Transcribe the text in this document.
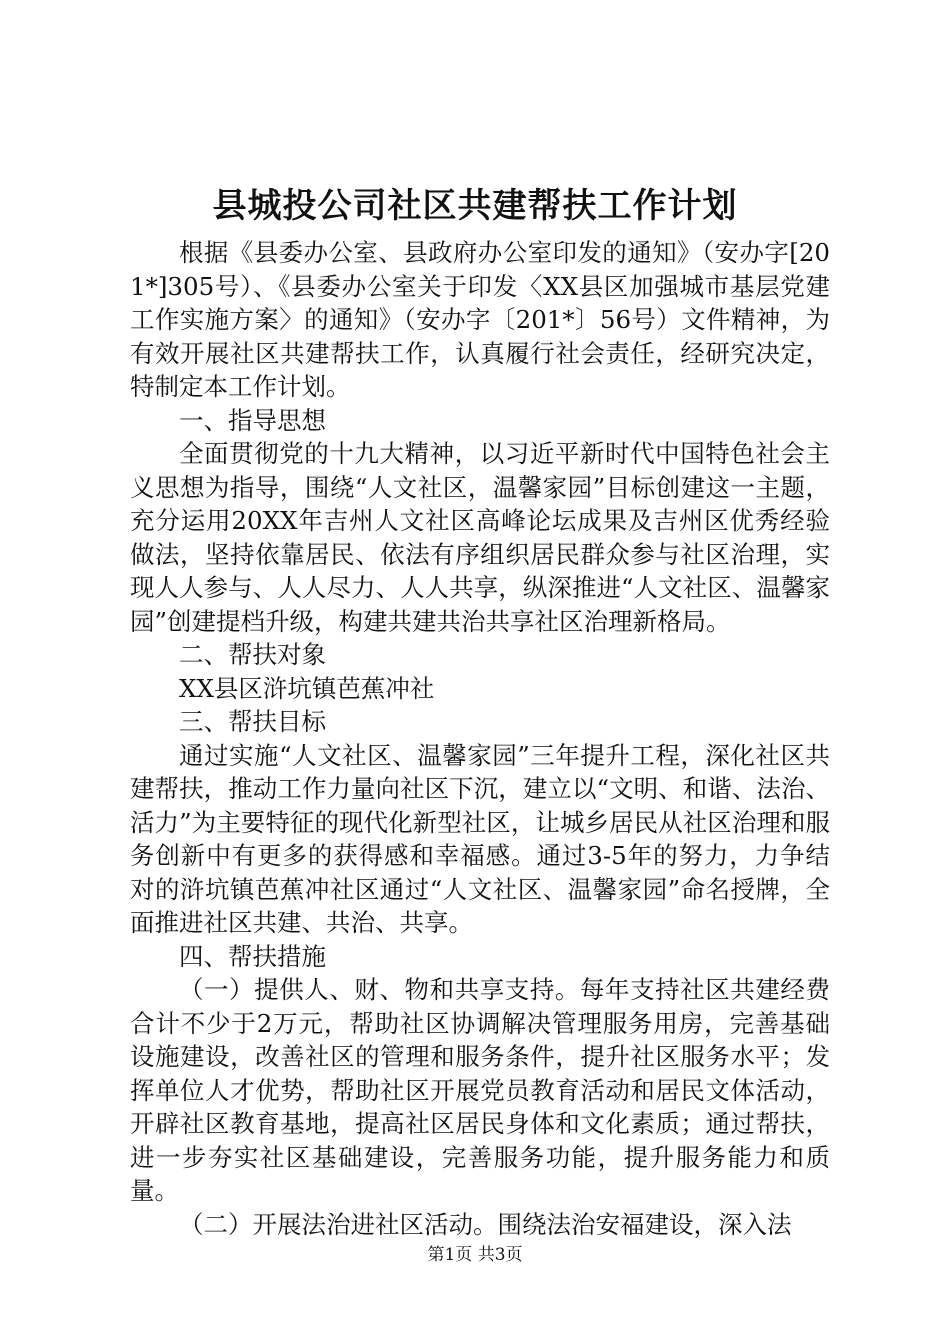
县城投公司社区共建帮扶工作计划

根据《县委办公室、县政府办公室印发的通知》（安办字[201*]305号）、《县委办公室关于印发〈XX县区加强城市基层党建工作实施方案〉的通知》（安办字〔201*〕56号）文件精神，为有效开展社区共建帮扶工作，认真履行社会责任，经研究决定，特制定本工作计划。

一、指导思想

全面贯彻党的十九大精神，以习近平新时代中国特色社会主义思想为指导，围绕“人文社区，温馨家园”目标创建这一主题，充分运用20XX年吉州人文社区高峰论坛成果及吉州区优秀经验做法，坚持依靠居民、依法有序组织居民群众参与社区治理，实现人人参与、人人尽力、人人共享，纵深推进“人文社区、温馨家园”创建提档升级，构建共建共治共享社区治理新格局。

二、帮扶对象

XX县区浒坑镇芭蕉冲社

三、帮扶目标

通过实施“人文社区、温馨家园”三年提升工程，深化社区共建帮扶，推动工作力量向社区下沉，建立以“文明、和谐、法治、活力”为主要特征的现代化新型社区，让城乡居民从社区治理和服务创新中有更多的获得感和幸福感。通过3-5年的努力，力争结对的浒坑镇芭蕉冲社区通过“人文社区、温馨家园”命名授牌，全面推进社区共建、共治、共享。

四、帮扶措施

（一）提供人、财、物和共享支持。每年支持社区共建经费合计不少于2万元，帮助社区协调解决管理服务用房，完善基础设施建设，改善社区的管理和服务条件，提升社区服务水平；发挥单位人才优势，帮助社区开展党员教育活动和居民文体活动，开辟社区教育基地，提高社区居民身体和文化素质；通过帮扶，进一步夯实社区基础建设，完善服务功能，提升服务能力和质量。

（二）开展法治进社区活动。围绕法治安福建设，深入法

第1页 共3页
